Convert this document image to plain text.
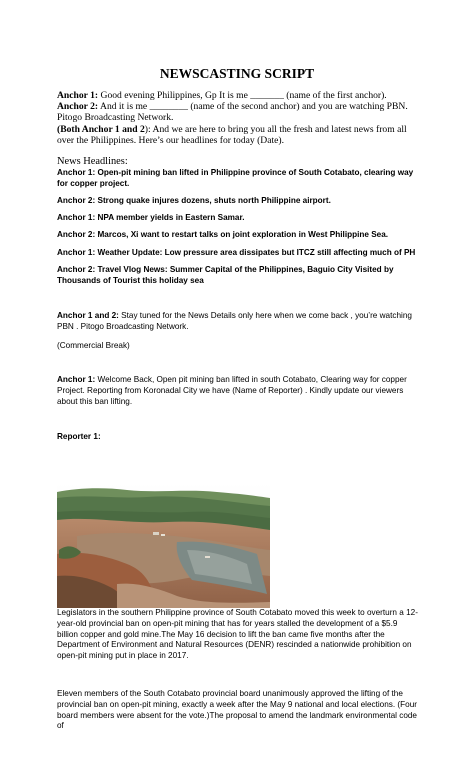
NEWSCASTING SCRIPT

Anchor 1: Good evening Philippines, Gp It is me _______ (name of the first anchor).

Anchor 2: And it is me ________ (name of the second anchor) and you are watching PBN. Pitogo Broadcasting Network.

(Both Anchor 1 and 2): And we are here to bring you all the fresh and latest news from all over the Philippines. Here’s our headlines for today (Date).

News Headlines:
Anchor 1: Open-pit mining ban lifted in Philippine province of South Cotabato, clearing way for copper project.
Anchor 2: Strong quake injures dozens, shuts north Philippine airport.
Anchor 1: NPA member yields in Eastern Samar.
Anchor 2: Marcos, Xi want to restart talks on joint exploration in West Philippine Sea.
Anchor 1: Weather Update: Low pressure area dissipates but ITCZ still affecting much of PH
Anchor 2: Travel Vlog News: Summer Capital of the Philippines, Baguio City Visited by Thousands of Tourist this holiday sea
Anchor 1 and 2: Stay tuned for the News Details only here when we come back , you’re watching PBN . Pitogo Broadcasting Network.
(Commercial Break)
Anchor 1: Welcome Back, Open pit mining ban lifted in south Cotabato, Clearing way for copper Project. Reporting from Koronadal City we have (Name of Reporter) . Kindly update our viewers about this ban lifting.
Reporter 1:
Legislators in the southern Philippine province of South Cotabato moved this week to overturn a 12-year-old provincial ban on open-pit mining that has for years stalled the development of a $5.9 billion copper and gold mine.The May 16 decision to lift the ban came five months after the Department of Environment and Natural Resources (DENR) rescinded a nationwide prohibition on open-pit mining put in place in 2017.
Eleven members of the South Cotabato provincial board unanimously approved the lifting of the provincial ban on open-pit mining, exactly a week after the May 9 national and local elections. (Four board members were absent for the vote.)The proposal to amend the landmark environmental code of
